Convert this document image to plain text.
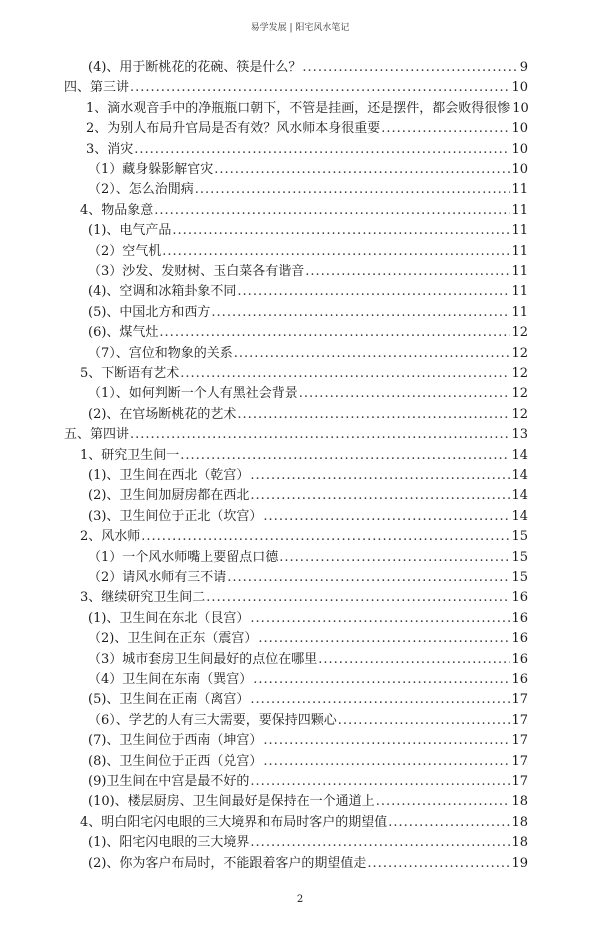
易学发展 | 阳宅风水笔记
(4)、用于断桃花的花碗、筷是什么？ .....	9
四、第三讲 .....	10
1、滴水观音手中的净瓶瓶口朝下，不管是挂画，还是摆件，都会败得很惨 10
2、为别人布局升官局是否有效？风水师本身很重要 .....	10
3、消灾 .....	10
（1）藏身躲影解官灾 .....	10
（2）、怎么治閒病 .....	11
4、物品象意 .....	11
(1)、电气产品 .....	11
（2）空气机 .....	11
（3）沙发、发财树、玉白菜各有谐音 .....	11
(4)、空调和冰箱卦象不同 .....	11
(5)、中国北方和西方 .....	11
(6)、煤气灶 .....	12
（7）、宫位和物象的关系 .....	12
5、下断语有艺术 .....	12
（1）、如何判断一个人有黑社会背景 .....	12
(2)、在官场断桃花的艺术 .....	12
五、第四讲 .....	13
1、研究卫生间一 .....	14
(1)、卫生间在西北（乾宫） .....	14
(2)、卫生间加厨房都在西北 .....	14
(3)、卫生间位于正北（坎宫） .....	14
2、风水师 .....	15
（1）一个风水师嘴上要留点口德 .....	15
（2）请风水师有三不请 .....	15
3、继续研究卫生间二 .....	16
(1)、卫生间在东北（艮宫） .....	16
（2)、卫生间在正东（震宫） .....	16
（3）城市套房卫生间最好的点位在哪里 .....	16
（4）卫生间在东南（巽宫） .....	16
(5)、卫生间在正南（离宫） .....	17
（6）、学艺的人有三大需要，要保持四颗心 .....	17
(7)、卫生间位于西南（坤宫） .....	17
(8)、卫生间位于正西（兑宫） .....	17
(9)卫生间在中宫是最不好的 .....	17
(10)、楼层厨房、卫生间最好是保持在一个通道上 .....	18
4、明白阳宅闪电眼的三大境界和布局时客户的期望值 .....	18
(1)、阳宅闪电眼的三大境界 .....	18
(2)、你为客户布局时，不能跟着客户的期望值走 .....	19
2
